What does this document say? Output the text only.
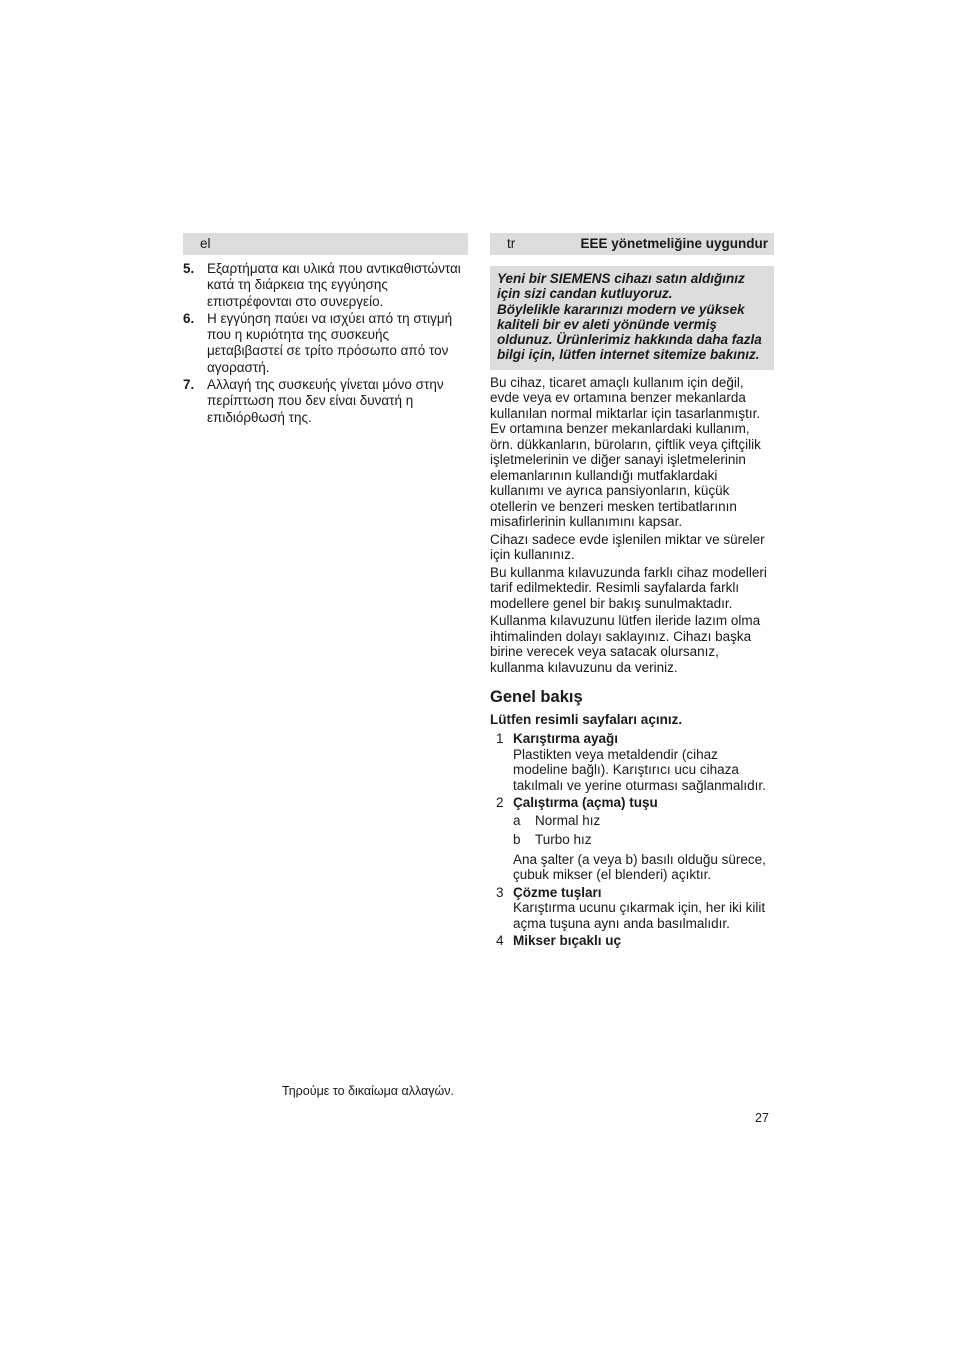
el
5. Εξαρτήματα και υλικά που αντικαθιστώνται κατά τη διάρκεια της εγγύησης επιστρέφονται στο συνεργείο.
6. Η εγγύηση παύει να ισχύει από τη στιγμή που η κυριότητα της συσκευής μεταβιβαστεί σε τρίτο πρόσωπο από τον αγοραστή.
7. Αλλαγή της συσκευής γίνεται μόνο στην περίπτωση που δεν είναι δυνατή η επιδιόρθωσή της.
tr	EEE yönetmeliğine uygundur

Yeni bir SIEMENS cihazı satın aldığınız için sizi candan kutluyoruz.

Böylelikle kararınızı modern ve yüksek kaliteli bir ev aleti yönünde vermiş oldunuz. Ürünlerimiz hakkında daha fazla bilgi için, lütfen internet sitemize bakınız.

Bu cihaz, ticaret amaçlı kullanım için değil, evde veya ev ortamına benzer mekanlarda kullanılan normal miktarlar için tasarlanmıştır. Ev ortamına benzer mekanlardaki kullanım, örn. dükkanların, büroların, çiftlik veya çiftçilik işletmelerinin ve diğer sanayi işletmelerinin elemanlarının kullandığı mutfaklardaki kullanımı ve ayrıca pansiyonların, küçük otellerin ve benzeri mesken tertibatlarının misafirlerinin kullanımını kapsar.

Cihazı sadece evde işlenilen miktar ve süreler için kullanınız.

Bu kullanma kılavuzunda farklı cihaz modelleri tarif edilmektedir. Resimli sayfalarda farklı modellere genel bir bakış sunulmaktadır.

Kullanma kılavuzunu lütfen ileride lazım olma ihtimalinden dolayı saklayınız. Cihazı başka birine verecek veya satacak olursanız, kullanma kılavuzunu da veriniz.

Genel bakış

Lütfen resimli sayfaları açınız.

1 Karıştırma ayağı
Plastikten veya metaldendir (cihaz modeline bağlı). Karıştırıcı ucu cihaza takılmalı ve yerine oturması sağlanmalıdır.
2 Çalıştırma (açma) tuşu
a	Normal hız
b	Turbo hız
Ana şalter (a veya b) basılı olduğu sürece, çubuk mikser (el blenderi) açıktır.
3 Çözme tuşları
Karıştırma ucunu çıkarmak için, her iki kilit açma tuşuna aynı anda basılmalıdır.
4 Mikser bıçaklı uç
Τηρούμε το δικαίωμα αλλαγών.
27
